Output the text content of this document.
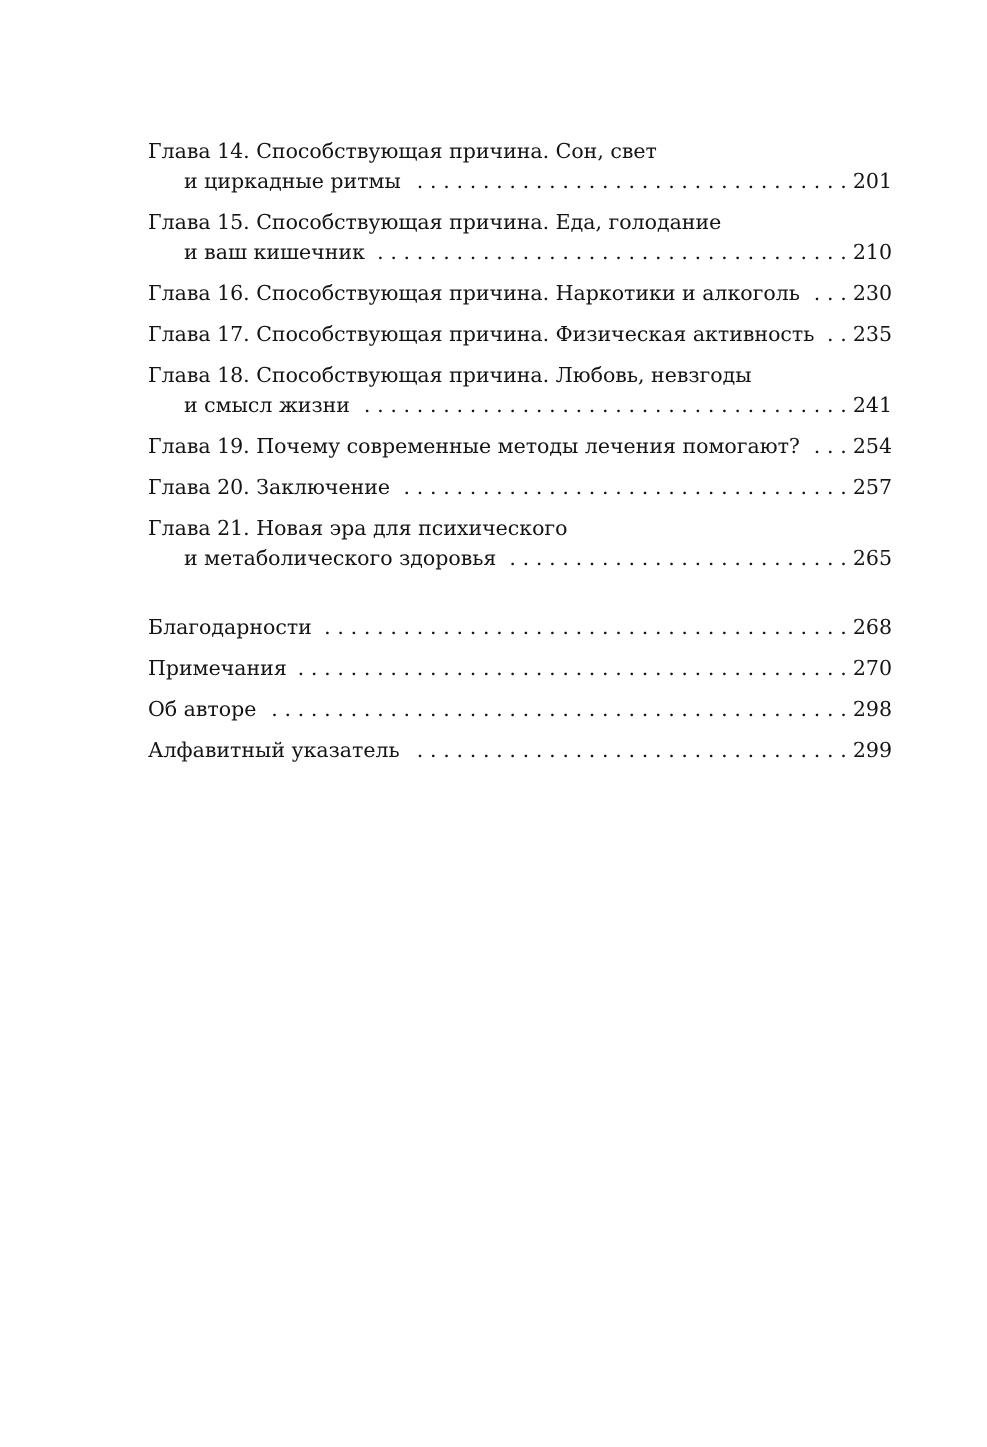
Глава 14. Способствующая причина. Сон, свет
и циркадные ритмы . . .	201
Глава 15. Способствующая причина. Еда, голодание
и ваш кишечник . . .	210
Глава 16. Способствующая причина. Наркотики и алкоголь . . .	230
Глава 17. Способствующая причина. Физическая активность . . . 235
Глава 18. Способствующая причина. Любовь, невзгоды
и смысл жизни . . .	241
Глава 19. Почему современные методы лечения помогают? . . .	254
Глава 20. Заключение . . .	257
Глава 21. Новая эра для психического
и метаболического здоровья . . .	265
Благодарности . . .	268
Примечания . . .	270
Об авторе . . .	298
Алфавитный указатель . . .	299
